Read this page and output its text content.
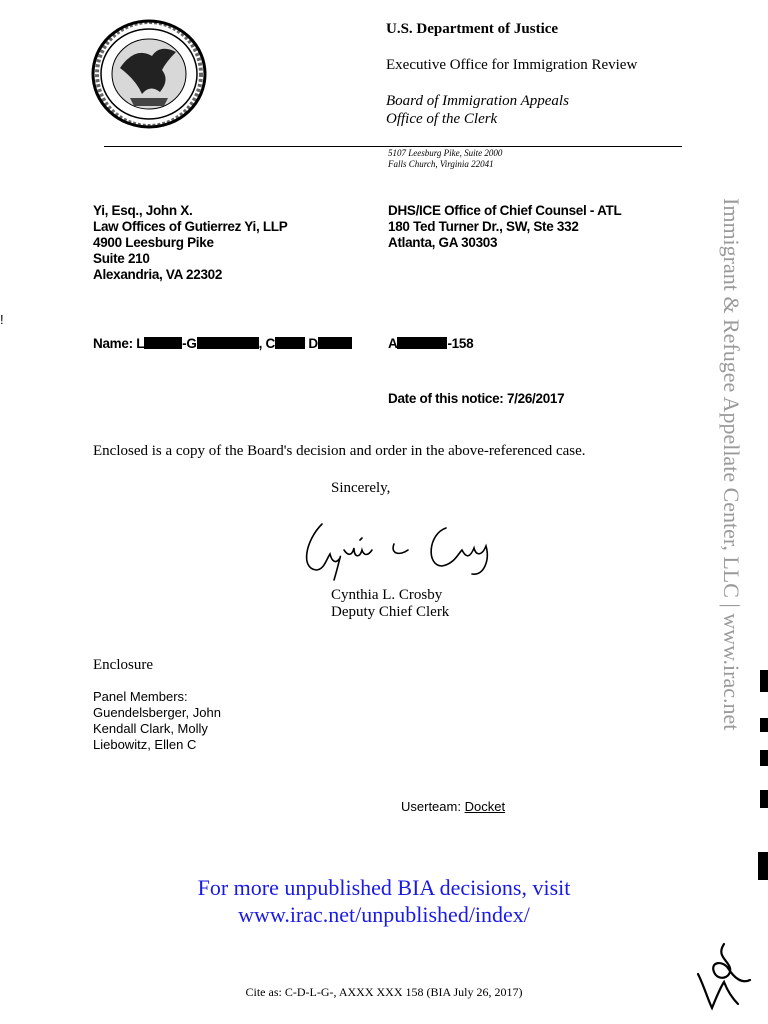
U.S. Department of Justice
Executive Office for Immigration Review
Board of Immigration Appeals
Office of the Clerk
5107 Leesburg Pike, Suite 2000
Falls Church, Virginia 22041
Yi, Esq., John X.
Law Offices of Gutierrez Yi, LLP
4900 Leesburg Pike
Suite 210
Alexandria, VA 22302
DHS/ICE Office of Chief Counsel - ATL
180 Ted Turner Dr., SW, Ste 332
Atlanta, GA 30303
!
Name: L	-G	, C D	A	-158
Date of this notice: 7/26/2017
Enclosed is a copy of the Board's decision and order in the above-referenced case.
Sincerely,
Cynthia L. Crosby
Deputy Chief Clerk
Enclosure
Panel Members:
Guendelsberger, John
Kendall Clark, Molly
Liebowitz, Ellen C
Userteam: Docket
For more unpublished BIA decisions, visit
www.irac.net/unpublished/index/
Cite as: C-D-L-G-, AXXX XXX 158 (BIA July 26, 2017)
Immigrant & Refugee Appellate Center, LLC | www.irac.net
